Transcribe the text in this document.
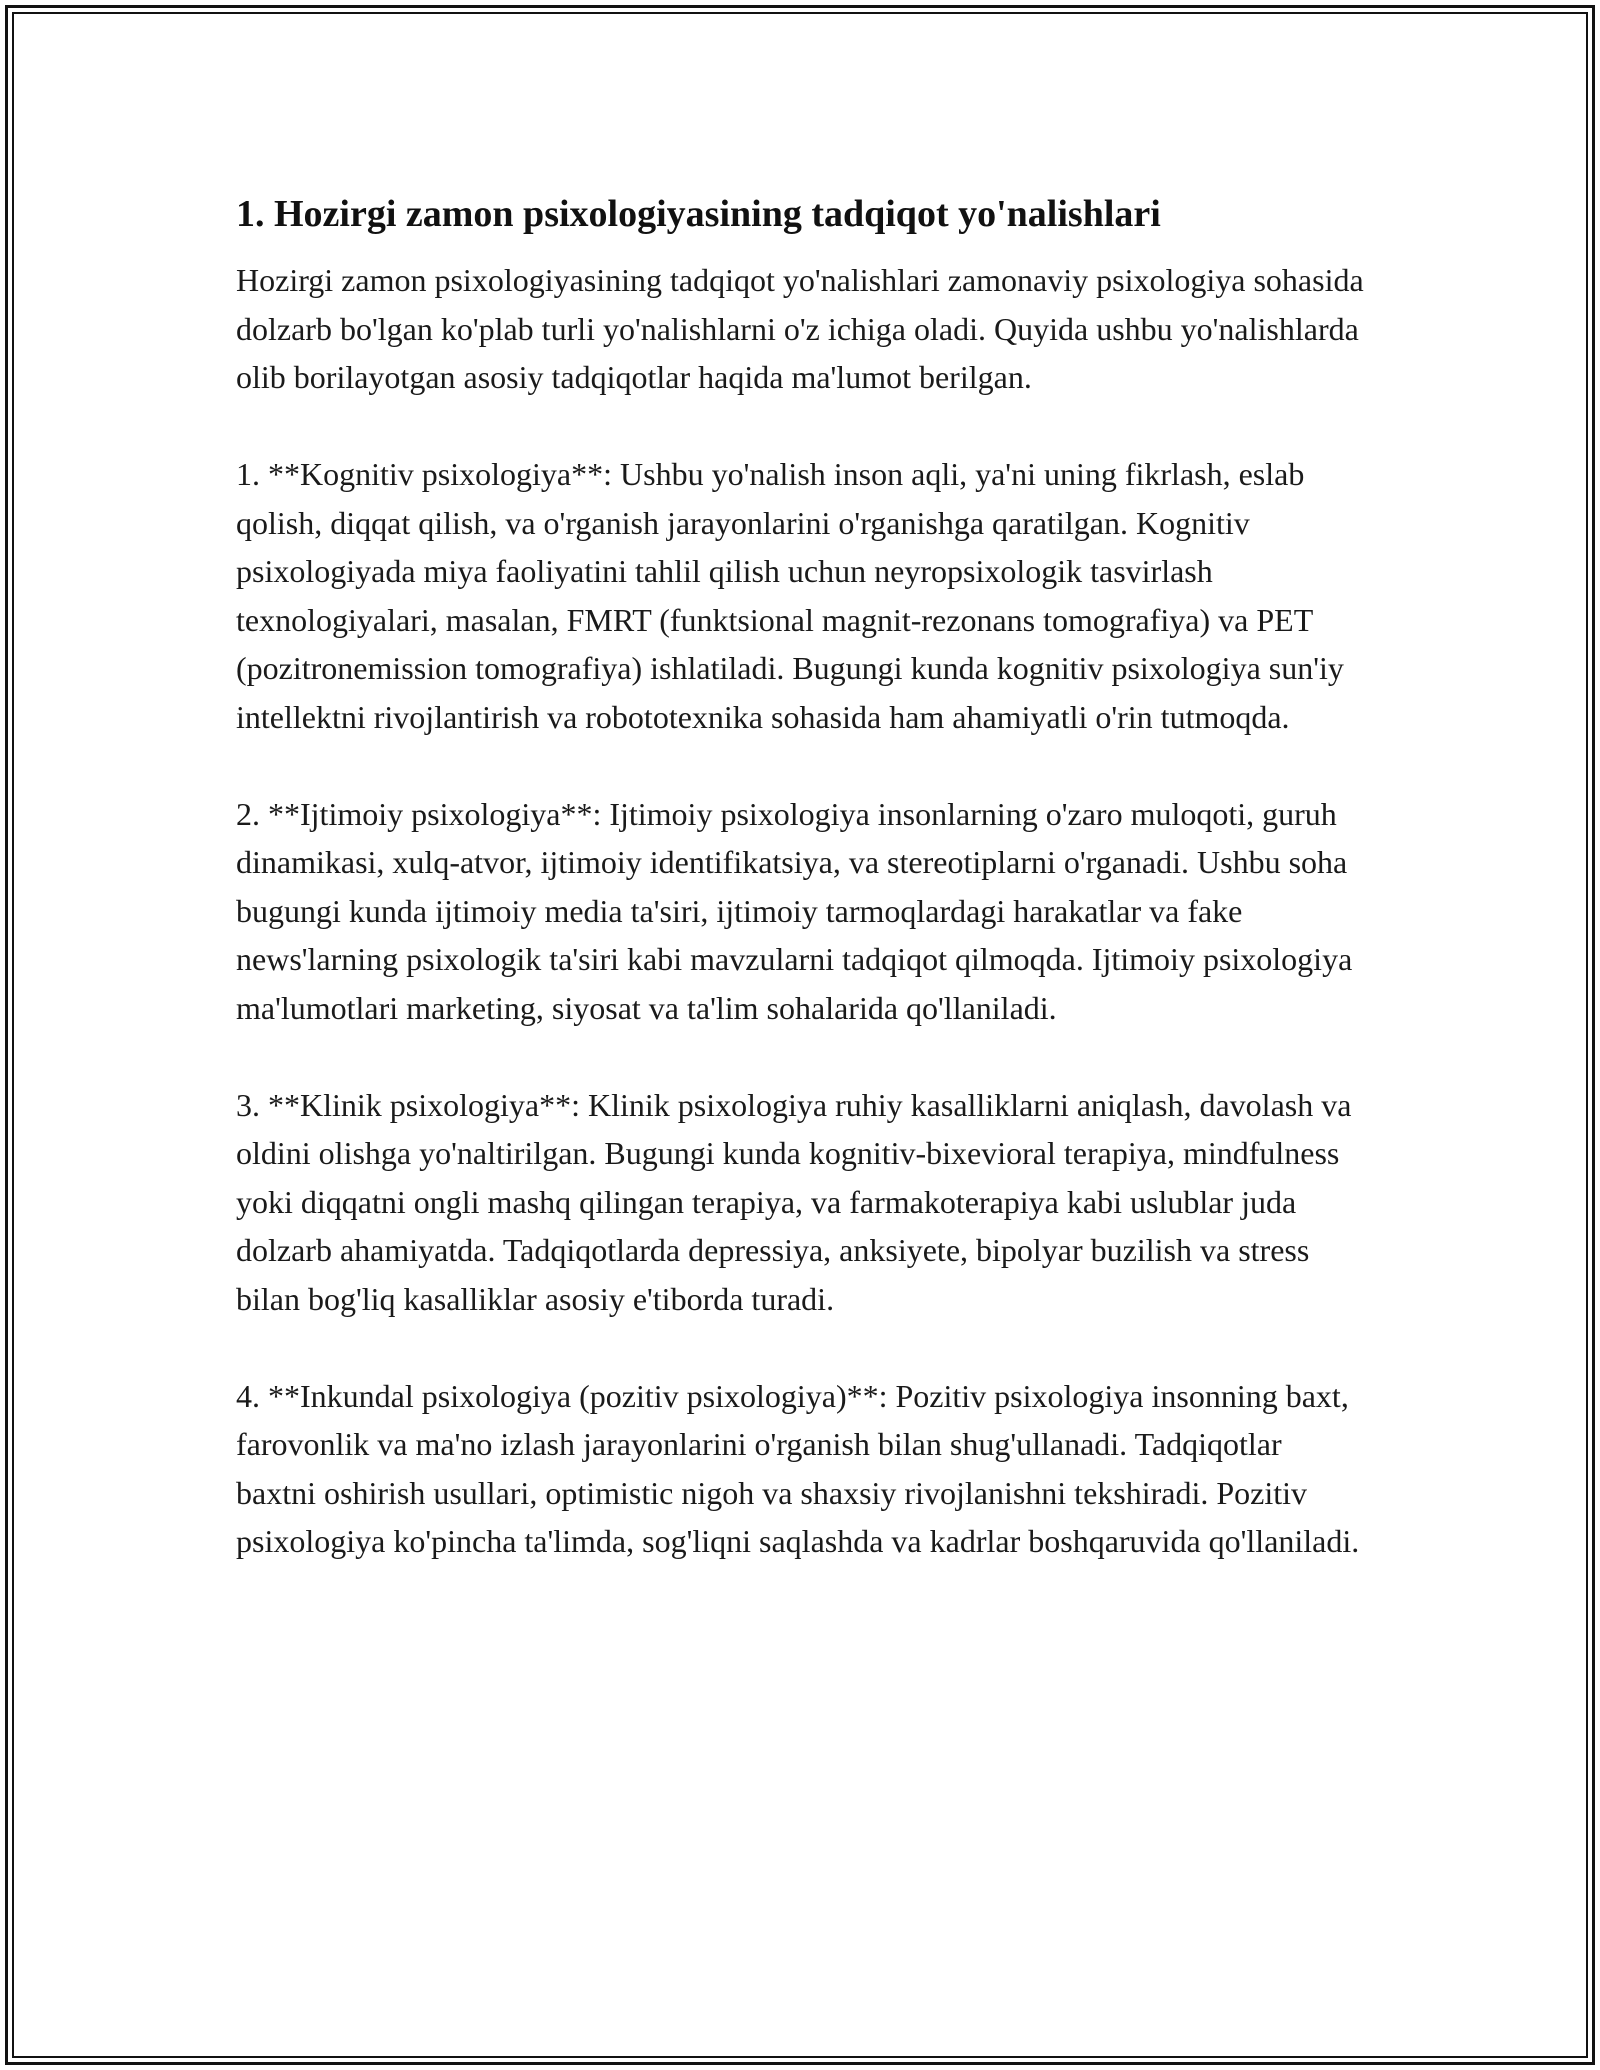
1. Hozirgi zamon psixologiyasining tadqiqot yo'nalishlari

Hozirgi zamon psixologiyasining tadqiqot yo'nalishlari zamonaviy psixologiya sohasida dolzarb bo'lgan ko'plab turli yo'nalishlarni o'z ichiga oladi. Quyida ushbu yo'nalishlarda olib borilayotgan asosiy tadqiqotlar haqida ma'lumot berilgan.

1. **Kognitiv psixologiya**: Ushbu yo'nalish inson aqli, ya'ni uning fikrlash, eslab qolish, diqqat qilish, va o'rganish jarayonlarini o'rganishga qaratilgan. Kognitiv psixologiyada miya faoliyatini tahlil qilish uchun neyropsixologik tasvirlash texnologiyalari, masalan, FMRT (funktsional magnit-rezonans tomografiya) va PET (pozitronemission tomografiya) ishlatiladi. Bugungi kunda kognitiv psixologiya sun'iy intellektni rivojlantirish va robototexnika sohasida ham ahamiyatli o'rin tutmoqda.

2. **Ijtimoiy psixologiya**: Ijtimoiy psixologiya insonlarning o'zaro muloqoti, guruh dinamikasi, xulq-atvor, ijtimoiy identifikatsiya, va stereotiplarni o'rganadi. Ushbu soha bugungi kunda ijtimoiy media ta'siri, ijtimoiy tarmoqlardagi harakatlar va fake news'larning psixologik ta'siri kabi mavzularni tadqiqot qilmoqda. Ijtimoiy psixologiya ma'lumotlari marketing, siyosat va ta'lim sohalarida qo'llaniladi.

3. **Klinik psixologiya**: Klinik psixologiya ruhiy kasalliklarni aniqlash, davolash va oldini olishga yo'naltirilgan. Bugungi kunda kognitiv-bixevioral terapiya, mindfulness yoki diqqatni ongli mashq qilingan terapiya, va farmakoterapiya kabi uslublar juda dolzarb ahamiyatda. Tadqiqotlarda depressiya, anksiyete, bipolyar buzilish va stress bilan bog'liq kasalliklar asosiy e'tiborda turadi.

4. **Inkundal psixologiya (pozitiv psixologiya)**: Pozitiv psixologiya insonning baxt, farovonlik va ma'no izlash jarayonlarini o'rganish bilan shug'ullanadi. Tadqiqotlar baxtni oshirish usullari, optimistic nigoh va shaxsiy rivojlanishni tekshiradi. Pozitiv psixologiya ko'pincha ta'limda, sog'liqni saqlashda va kadrlar boshqaruvida qo'llaniladi.
